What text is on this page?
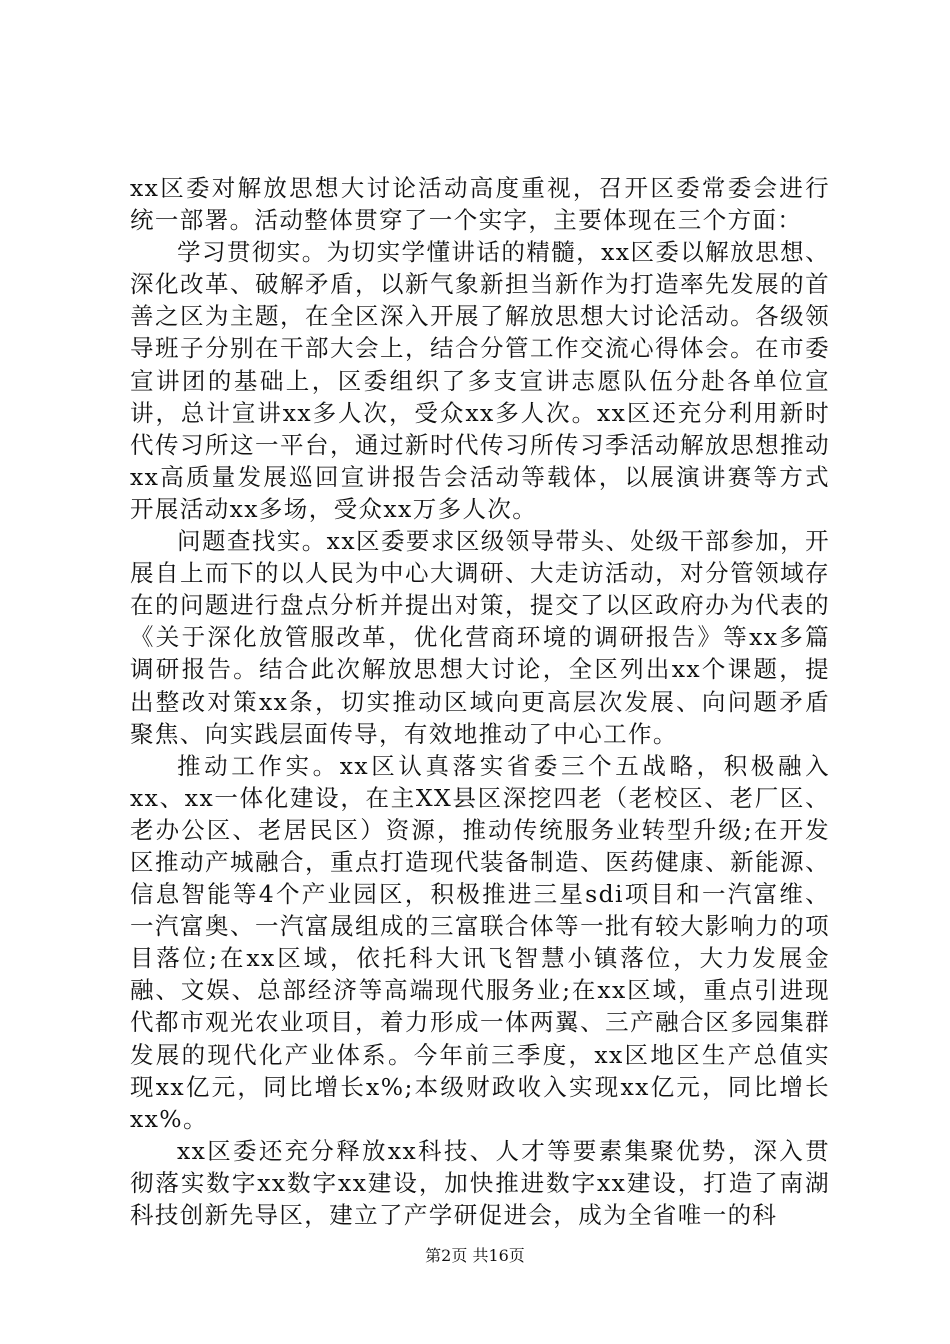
xx区委对解放思想大讨论活动高度重视，召开区委常委会进行统一部署。活动整体贯穿了一个实字，主要体现在三个方面：

学习贯彻实。为切实学懂讲话的精髓，xx区委以解放思想、深化改革、破解矛盾，以新气象新担当新作为打造率先发展的首善之区为主题，在全区深入开展了解放思想大讨论活动。各级领导班子分别在干部大会上，结合分管工作交流心得体会。在市委宣讲团的基础上，区委组织了多支宣讲志愿队伍分赴各单位宣讲，总计宣讲xx多人次，受众xx多人次。xx区还充分利用新时代传习所这一平台，通过新时代传习所传习季活动解放思想推动xx高质量发展巡回宣讲报告会活动等载体，以展演讲赛等方式开展活动xx多场，受众xx万多人次。

问题查找实。xx区委要求区级领导带头、处级干部参加，开展自上而下的以人民为中心大调研、大走访活动，对分管领域存在的问题进行盘点分析并提出对策，提交了以区政府办为代表的《关于深化放管服改革，优化营商环境的调研报告》等xx多篇调研报告。结合此次解放思想大讨论，全区列出xx个课题，提出整改对策xx条，切实推动区域向更高层次发展、向问题矛盾聚焦、向实践层面传导，有效地推动了中心工作。

推动工作实。xx区认真落实省委三个五战略，积极融入xx、xx一体化建设，在主XX县区深挖四老（老校区、老厂区、老办公区、老居民区）资源，推动传统服务业转型升级;在开发区推动产城融合，重点打造现代装备制造、医药健康、新能源、信息智能等4个产业园区，积极推进三星sdi项目和一汽富维、一汽富奥、一汽富晟组成的三富联合体等一批有较大影响力的项目落位;在xx区域，依托科大讯飞智慧小镇落位，大力发展金融、文娱、总部经济等高端现代服务业;在xx区域，重点引进现代都市观光农业项目，着力形成一体两翼、三产融合区多园集群发展的现代化产业体系。今年前三季度，xx区地区生产总值实现xx亿元，同比增长x%;本级财政收入实现xx亿元，同比增长xx%。

xx区委还充分释放xx科技、人才等要素集聚优势，深入贯彻落实数字xx数字xx建设，加快推进数字xx建设，打造了南湖科技创新先导区，建立了产学研促进会，成为全省唯一的科

第2页 共16页
